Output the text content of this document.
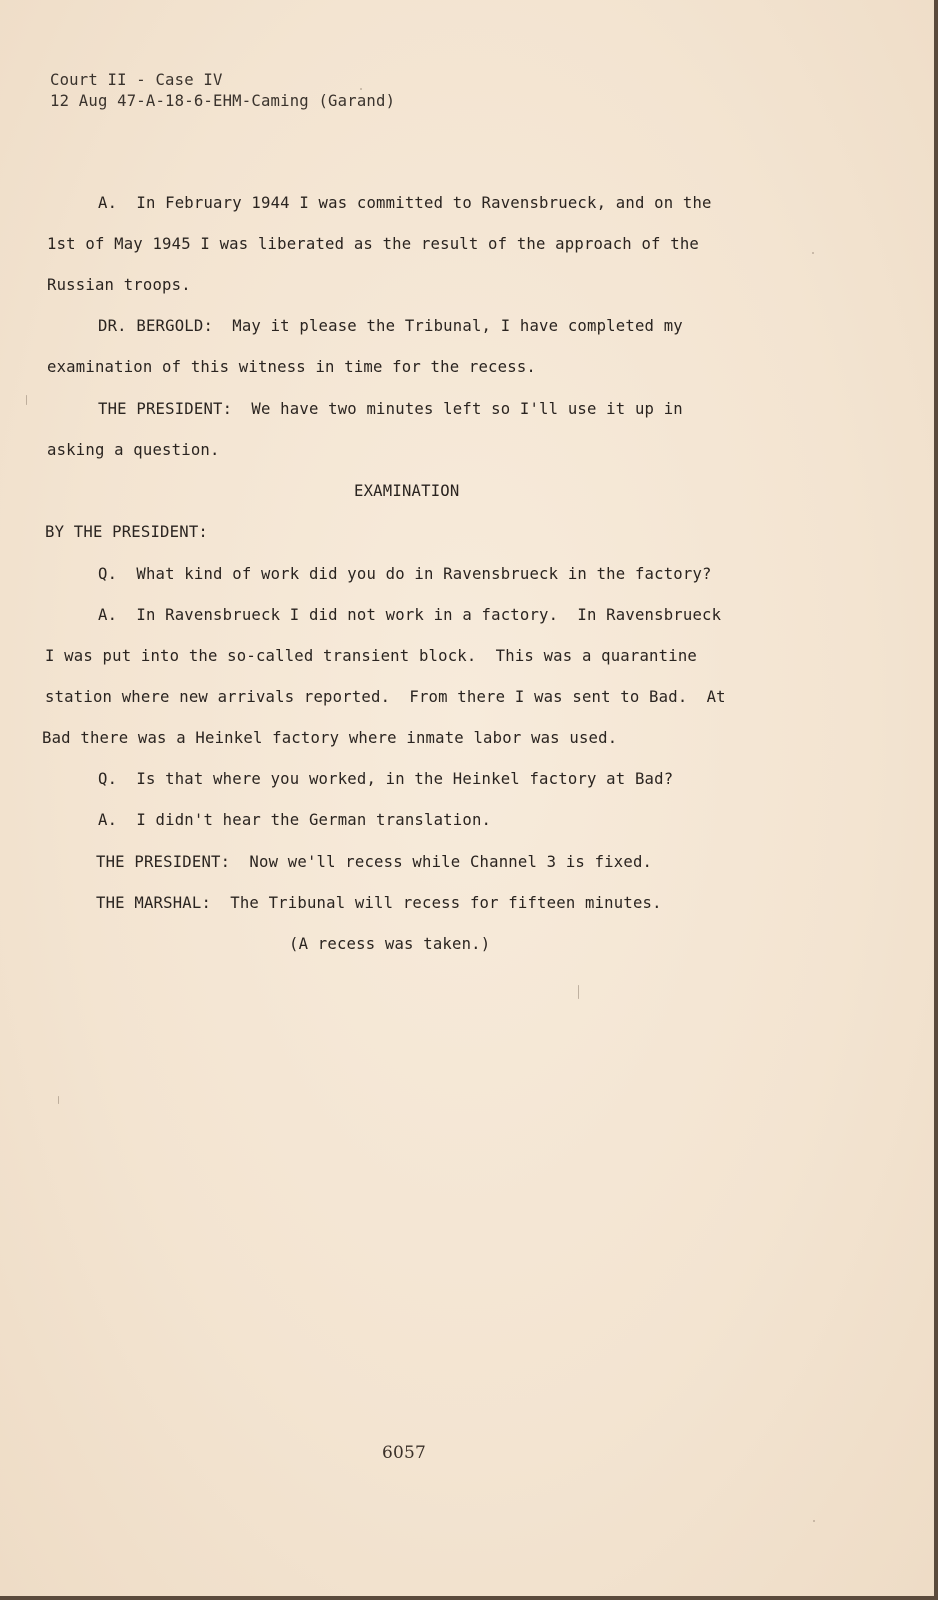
Court II - Case IV
12 Aug 47-A-18-6-EHM-Caming (Garand)
A.  In February 1944 I was committed to Ravensbrueck, and on the
1st of May 1945 I was liberated as the result of the approach of the
Russian troops.
DR. BERGOLD:  May it please the Tribunal, I have completed my
examination of this witness in time for the recess.
THE PRESIDENT:  We have two minutes left so I'll use it up in
asking a question.
EXAMINATION
BY THE PRESIDENT:
Q.  What kind of work did you do in Ravensbrueck in the factory?
A.  In Ravensbrueck I did not work in a factory.  In Ravensbrueck
I was put into the so-called transient block.  This was a quarantine
station where new arrivals reported.  From there I was sent to Bad.  At
Bad there was a Heinkel factory where inmate labor was used.
Q.  Is that where you worked, in the Heinkel factory at Bad?
A.  I didn't hear the German translation.
THE PRESIDENT:  Now we'll recess while Channel 3 is fixed.
THE MARSHAL:  The Tribunal will recess for fifteen minutes.
(A recess was taken.)
6057
